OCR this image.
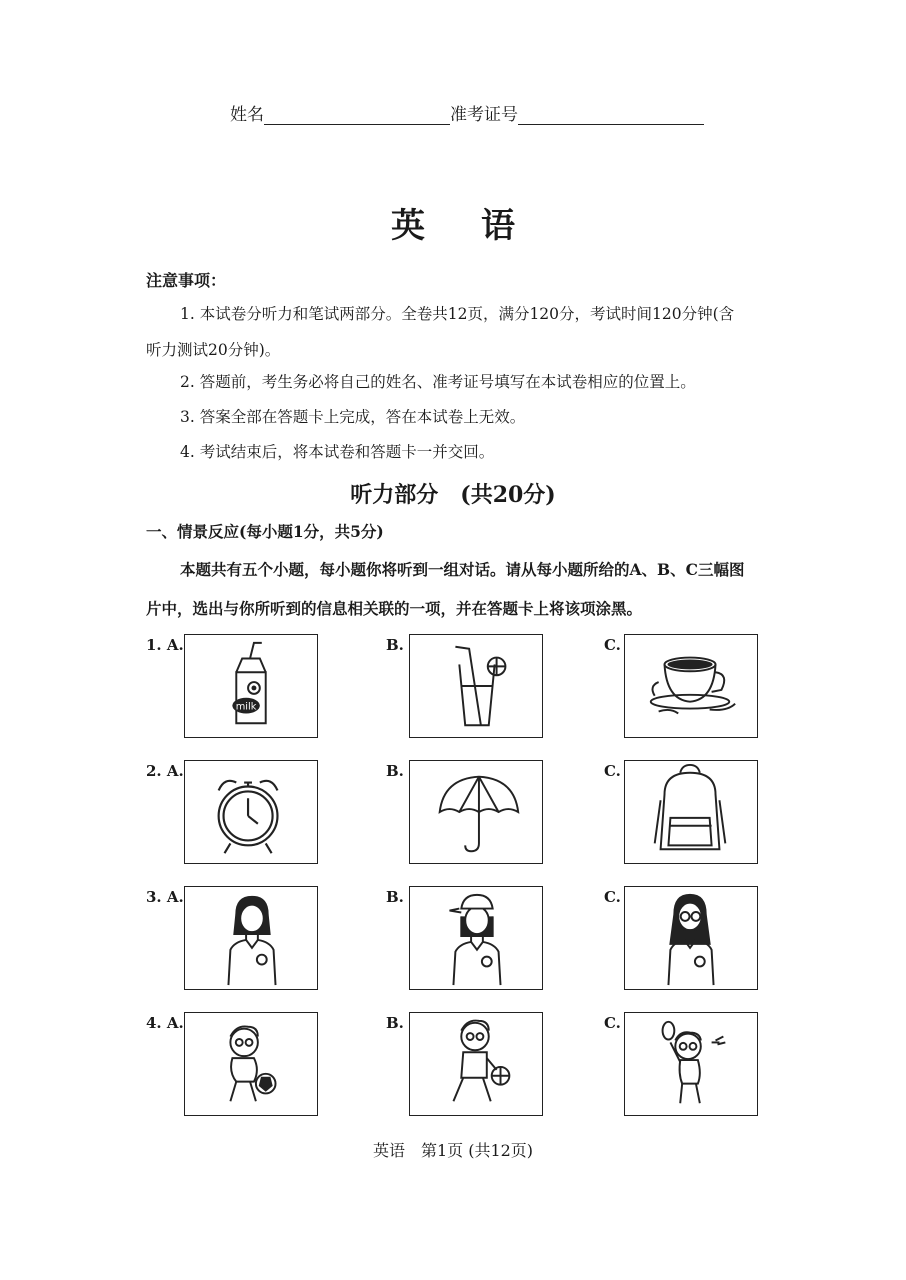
姓名	准考证号
英语
注意事项：
1. 本试卷分听力和笔试两部分。全卷共12页，满分120分，考试时间120分钟(含
听力测试20分钟)。
2. 答题前，考生务必将自己的姓名、准考证号填写在本试卷相应的位置上。
3. 答案全部在答题卡上完成，答在本试卷上无效。
4. 考试结束后，将本试卷和答题卡一并交回。
听力部分　(共20分)
一、情景反应(每小题1分，共5分)
本题共有五个小题，每小题你将听到一组对话。请从每小题所给的A、B、C三幅图
片中，选出与你所听到的信息相关联的一项，并在答题卡上将该项涂黑。
1. A.	B.	C.
milk
2. A.	B.	C.
3. A.	B.	C.
4. A.	B.	C.
英语　第1页 (共12页)
